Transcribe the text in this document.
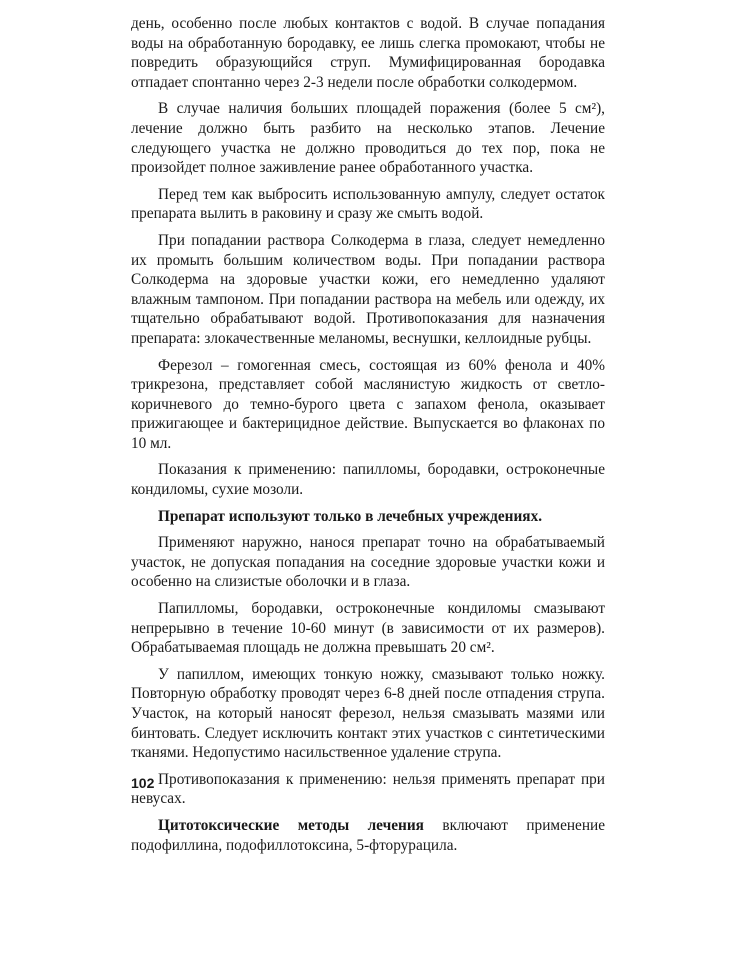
день, особенно после любых контактов с водой. В случае попадания воды на обработанную бородавку, ее лишь слегка промокают, чтобы не повредить образующийся струп. Мумифицированная бородавка отпадает спонтанно через 2-3 недели после обработки солкодермом.

В случае наличия больших площадей поражения (более 5 см²), лечение должно быть разбито на несколько этапов. Лечение следующего участка не должно проводиться до тех пор, пока не произойдет полное заживление ранее обработанного участка.

Перед тем как выбросить использованную ампулу, следует остаток препарата вылить в раковину и сразу же смыть водой.

При попадании раствора Солкодерма в глаза, следует немедленно их промыть большим количеством воды. При попадании раствора Солкодерма на здоровые участки кожи, его немедленно удаляют влажным тампоном. При попадании раствора на мебель или одежду, их тщательно обрабатывают водой. Противопоказания для назначения препарата: злокачественные меланомы, веснушки, келлоидные рубцы.

Ферезол – гомогенная смесь, состоящая из 60% фенола и 40% трикрезона, представляет собой маслянистую жидкость от светло-коричневого до темно-бурого цвета с запахом фенола, оказывает прижигающее и бактерицидное действие. Выпускается во флаконах по 10 мл.

Показания к применению: папилломы, бородавки, остроконечные кондиломы, сухие мозоли.

Препарат используют только в лечебных учреждениях.

Применяют наружно, нанося препарат точно на обрабатываемый участок, не допуская попадания на соседние здоровые участки кожи и особенно на слизистые оболочки и в глаза.

Папилломы, бородавки, остроконечные кондиломы смазывают непрерывно в течение 10-60 минут (в зависимости от их размеров). Обрабатываемая площадь не должна превышать 20 см².

У папиллом, имеющих тонкую ножку, смазывают только ножку. Повторную обработку проводят через 6-8 дней после отпадения струпа. Участок, на который наносят ферезол, нельзя смазывать мазями или бинтовать. Следует исключить контакт этих участков с синтетическими тканями. Недопустимо насильственное удаление струпа.

Противопоказания к применению: нельзя применять препарат при невусах.

Цитотоксические методы лечения включают применение подофиллина, подофиллотоксина, 5-фторурацила.

102
